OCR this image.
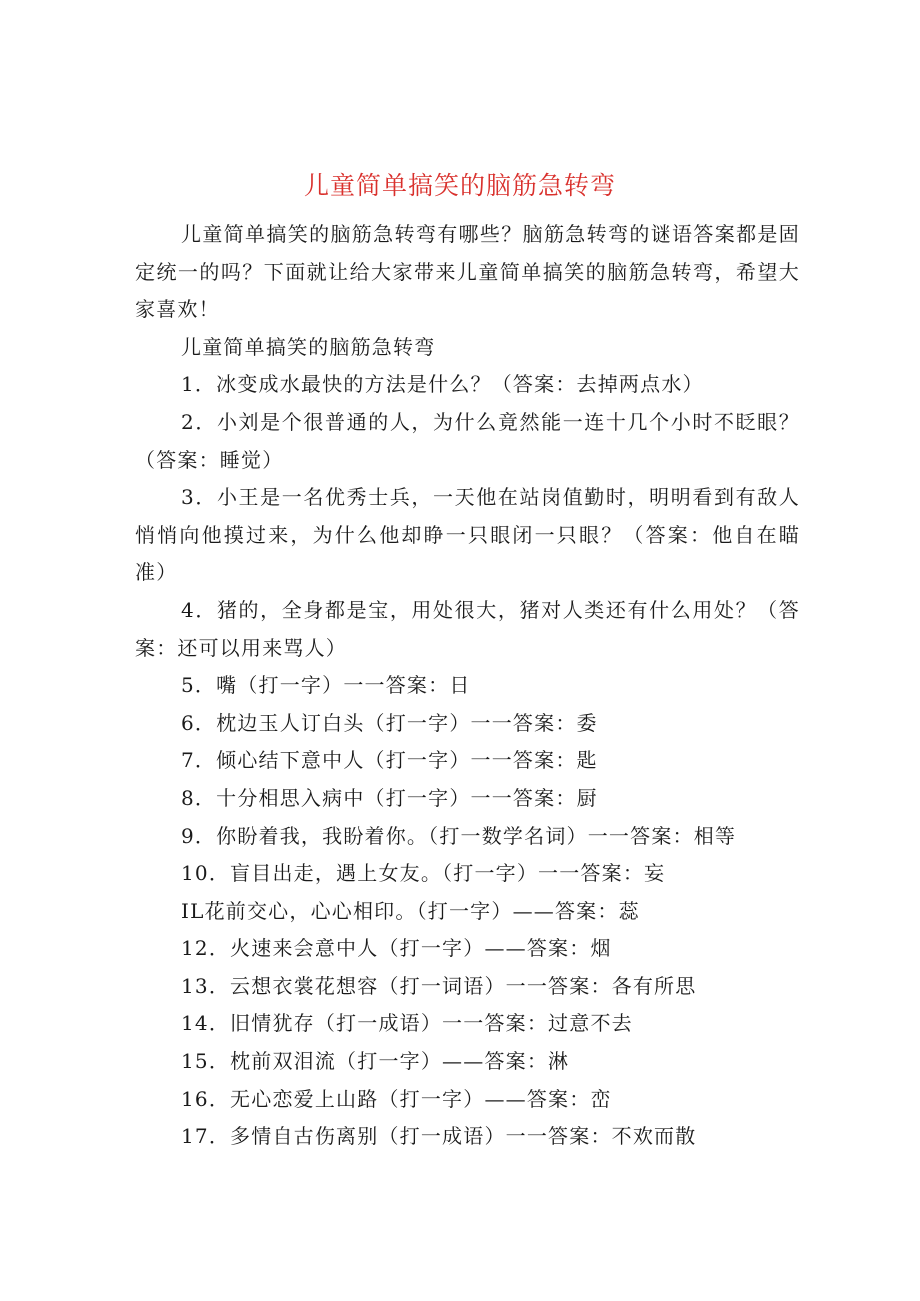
儿童简单搞笑的脑筋急转弯

儿童简单搞笑的脑筋急转弯有哪些？脑筋急转弯的谜语答案都是固定统一的吗？下面就让给大家带来儿童简单搞笑的脑筋急转弯，希望大家喜欢！

儿童简单搞笑的脑筋急转弯

1．冰变成水最快的方法是什么？（答案：去掉两点水）
2．小刘是个很普通的人，为什么竟然能一连十几个小时不眨眼？（答案：睡觉）
3．小王是一名优秀士兵，一天他在站岗值勤时，明明看到有敌人悄悄向他摸过来，为什么他却睁一只眼闭一只眼？（答案：他自在瞄准）
4．猪的，全身都是宝，用处很大，猪对人类还有什么用处？（答案：还可以用来骂人）
5．嘴（打一字）一一答案：日
6．枕边玉人订白头（打一字）一一答案：委
7．倾心结下意中人（打一字）一一答案：匙
8．十分相思入病中（打一字）一一答案：厨
9．你盼着我，我盼着你。（打一数学名词）一一答案：相等
10．盲目出走，遇上女友。（打一字）一一答案：妄
IL花前交心，心心相印。（打一字）——答案：蕊
12．火速来会意中人（打一字）——答案：烟
13．云想衣裳花想容（打一词语）一一答案：各有所思
14．旧情犹存（打一成语）一一答案：过意不去
15．枕前双泪流（打一字）——答案：淋
16．无心恋爱上山路（打一字）——答案：峦
17．多情自古伤离别（打一成语）一一答案：不欢而散
